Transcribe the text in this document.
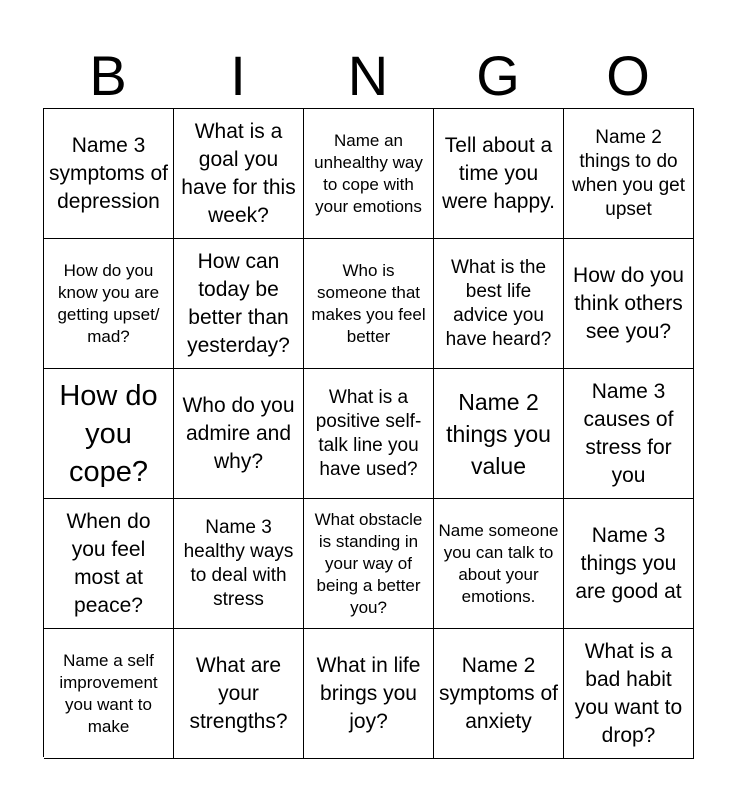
B	I	N	G	O
Name 3 symptoms of depression
What is a goal you have for this week?
Name an unhealthy way to cope with your emotions
Tell about a time you were happy.
Name 2 things to do when you get upset
How do you know you are getting upset/ mad?
How can today be better than yesterday?
Who is someone that makes you feel better
What is the best life advice you have heard?
How do you think others see you?
How do you cope?
Who do you admire and why?
What is a positive self-talk line you have used?
Name 2 things you value
Name 3 causes of stress for you
When do you feel most at peace?
Name 3 healthy ways to deal with stress
What obstacle is standing in your way of being a better you?
Name someone you can talk to about your emotions.
Name 3 things you are good at
Name a self improvement you want to make
What are your strengths?
What in life brings you joy?
Name 2 symptoms of anxiety
What is a bad habit you want to drop?
